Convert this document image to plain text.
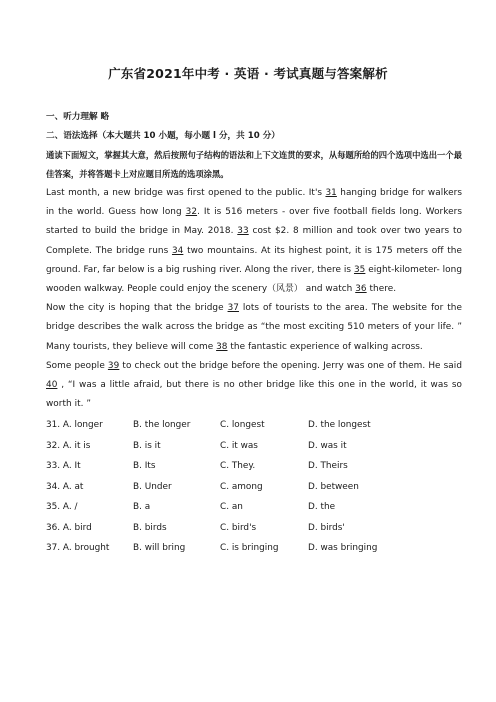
广东省2021年中考 · 英语 · 考试真题与答案解析
一、听力理解 略
二、语法选择（本大题共 10 小题，每小题 l 分，共 10 分）
通读下面短文，掌握其大意，然后按照句子结构的语法和上下文连贯的要求，从每题所给的四个选项中选出一个最佳答案，并将答题卡上对应题目所选的选项涂黑。

Last month, a new bridge was first opened to the public. It's 31 hanging bridge for walkers in the world. Guess how long 32. It is 516 meters - over five football fields long. Workers started to build the bridge in May. 2018. 33 cost $2. 8 million and took over two years to Complete. The bridge runs 34 two mountains. At its highest point, it is 175 meters off the ground. Far, far below is a big rushing river. Along the river, there is 35 eight-kilometer- long wooden walkway. People could enjoy the scenery（风景） and watch 36 there.

Now the city is hoping that the bridge 37 lots of tourists to the area. The website for the bridge describes the walk across the bridge as “the most exciting 510 meters of your life. ” Many tourists, they believe will come 38 the fantastic experience of walking across.

Some people 39 to check out the bridge before the opening. Jerry was one of them. He said 40 , “I was a little afraid, but there is no other bridge like this one in the world, it was so worth it. ”

31. A. longer	B. the longer	C. longest	D. the longest
32. A. it is	B. is it	C. it was	D. was it
33. A. It	B. Its	C. They.	D. Theirs
34. A. at	B. Under	C. among	D. between
35. A. /	B. a	C. an	D. the
36. A. bird	B. birds	C. bird's	D. birds'
37. A. brought	B. will bring	C. is bringing	D. was bringing
